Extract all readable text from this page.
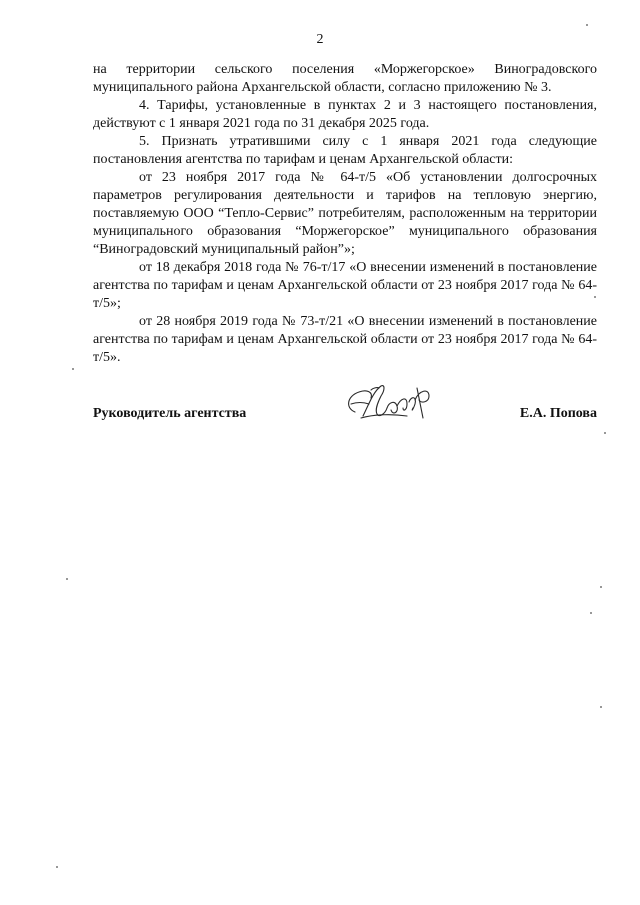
2

на территории сельского поселения «Моржегорское» Виноградовского муниципального района Архангельской области, согласно приложению № 3.

4. Тарифы, установленные в пунктах 2 и 3 настоящего постановления, действуют с 1 января 2021 года по 31 декабря 2025 года.

5. Признать утратившими силу с 1 января 2021 года следующие постановления агентства по тарифам и ценам Архангельской области:

от 23 ноября 2017 года № 64-т/5 «Об установлении долгосрочных параметров регулирования деятельности и тарифов на тепловую энергию, поставляемую ООО “Тепло-Сервис” потребителям, расположенным на территории муниципального образования “Моржегорское” муниципального образования “Виноградовский муниципальный район”»;

от 18 декабря 2018 года № 76-т/17 «О внесении изменений в постановление агентства по тарифам и ценам Архангельской области от 23 ноября 2017 года № 64-т/5»;

от 28 ноября 2019 года № 73-т/21 «О внесении изменений в постановление агентства по тарифам и ценам Архангельской области от 23 ноября 2017 года № 64-т/5».

Руководитель агентства	Е.А. Попова
